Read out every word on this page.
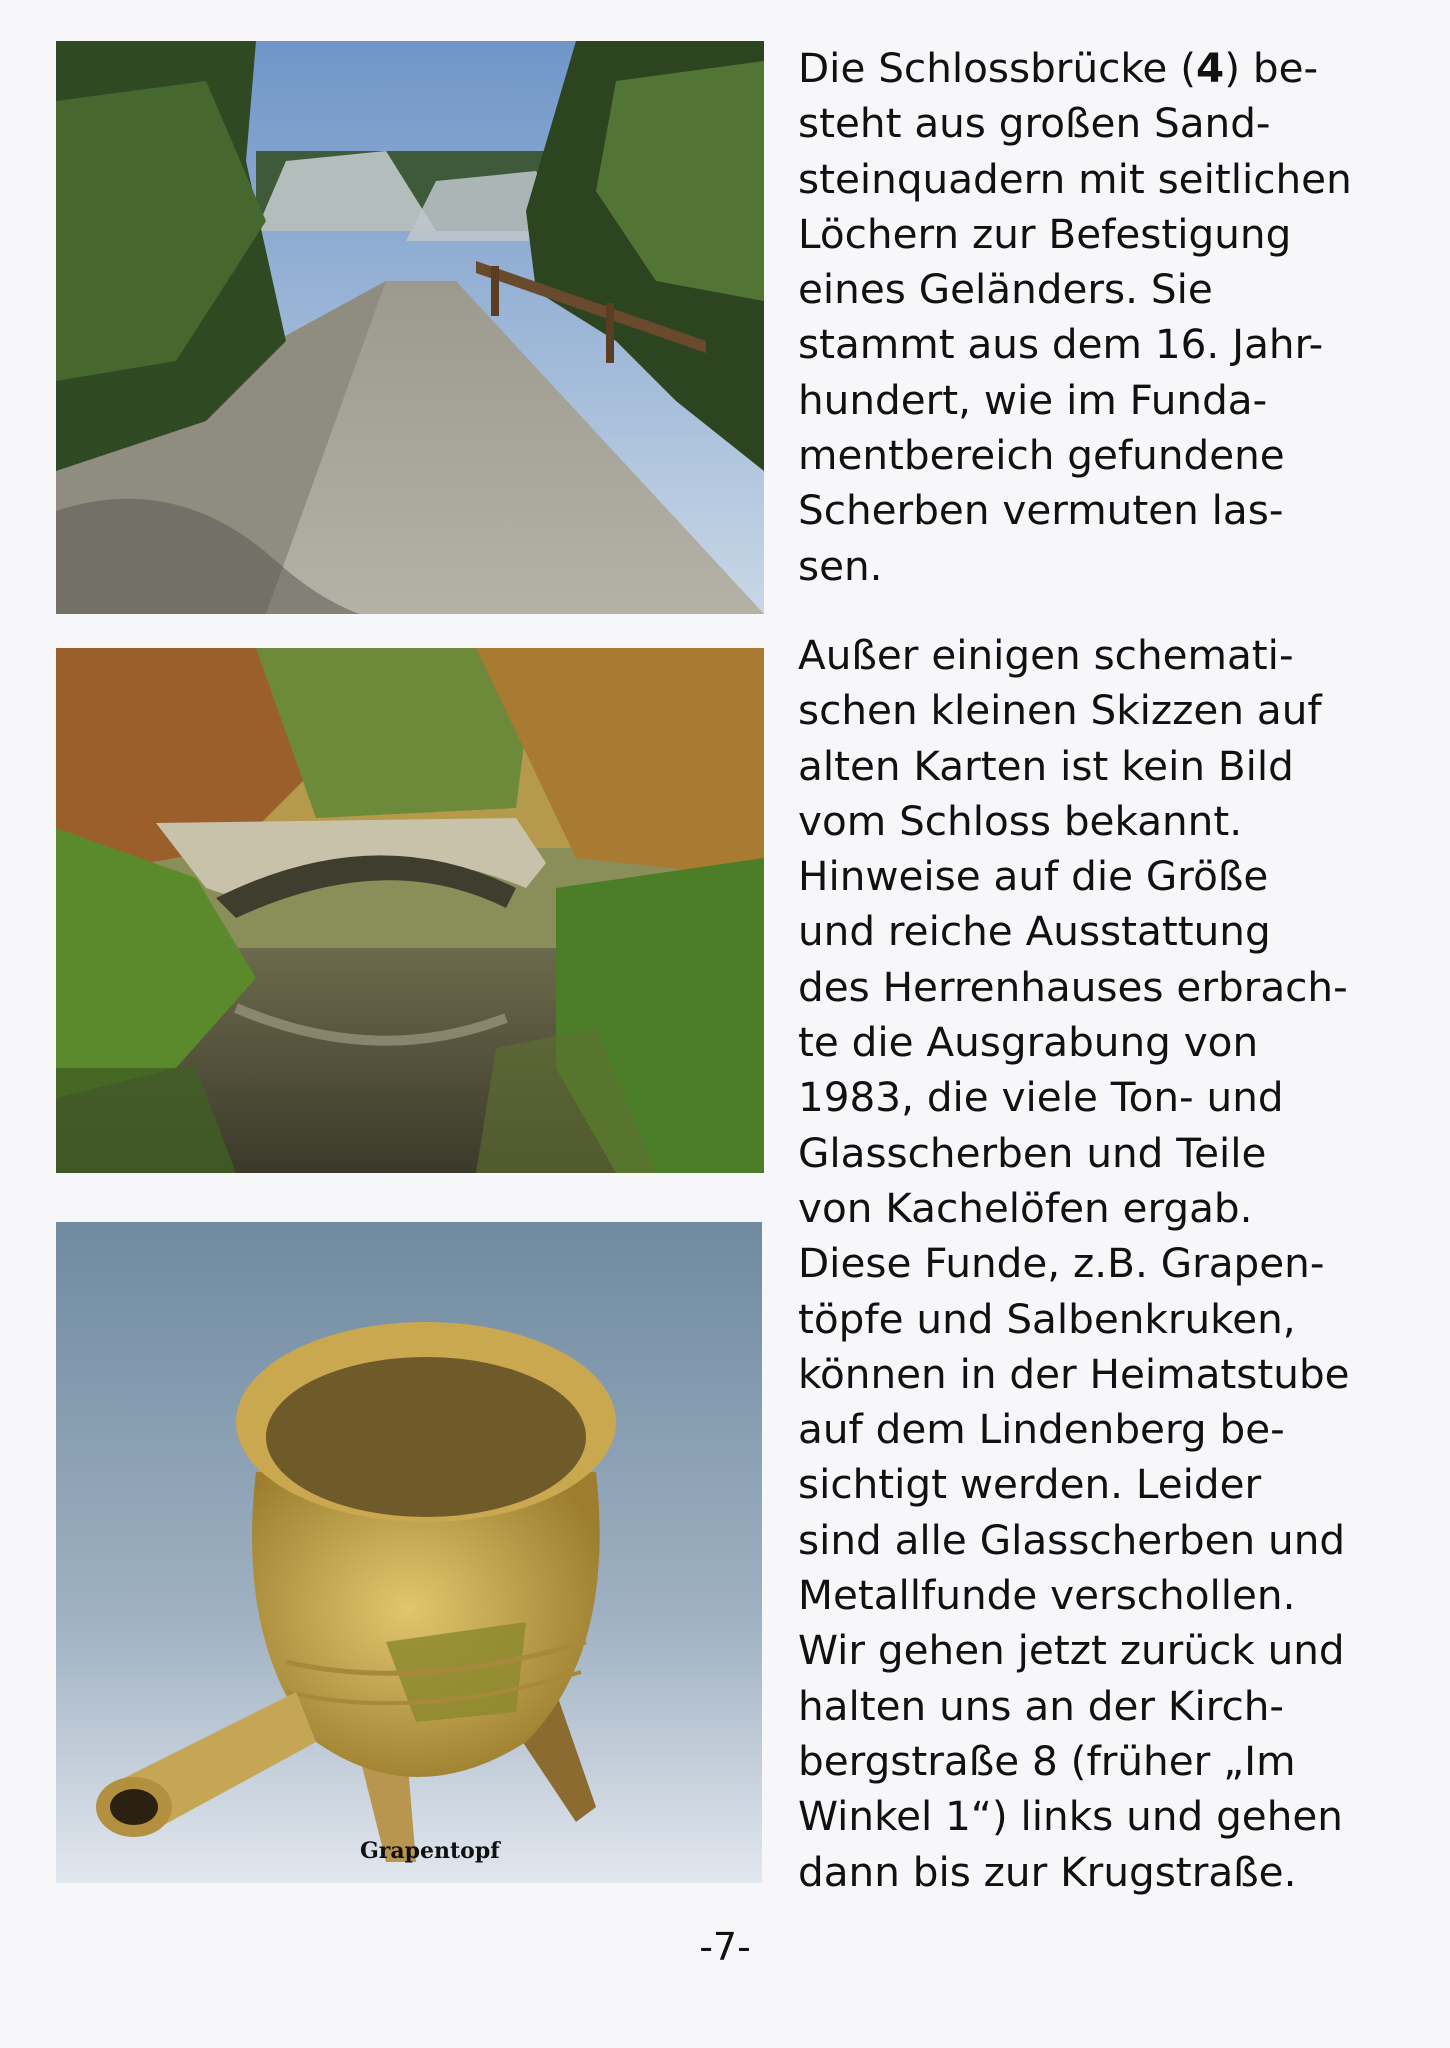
Grapentopf

Die Schlossbrücke (4) be-

steht aus großen Sand-

steinquadern mit seitlichen

Löchern zur Befestigung

eines Geländers. Sie

stammt aus dem 16. Jahr-

hundert, wie im Funda-

mentbereich gefundene

Scherben vermuten las-

sen.

Außer einigen schemati-

schen kleinen Skizzen auf

alten Karten ist kein Bild

vom Schloss bekannt.

Hinweise auf die Größe

und reiche Ausstattung

des Herrenhauses erbrach-

te die Ausgrabung von

1983, die viele Ton- und

Glasscherben und Teile

von Kachelöfen ergab.

Diese Funde, z.B. Grapen-

töpfe und Salbenkruken,

können in der Heimatstube

auf dem Lindenberg be-

sichtigt werden. Leider

sind alle Glasscherben und

Metallfunde verschollen.

Wir gehen jetzt zurück und

halten uns an der Kirch-

bergstraße 8 (früher „Im

Winkel 1“) links und gehen

dann bis zur Krugstraße.

-7-
